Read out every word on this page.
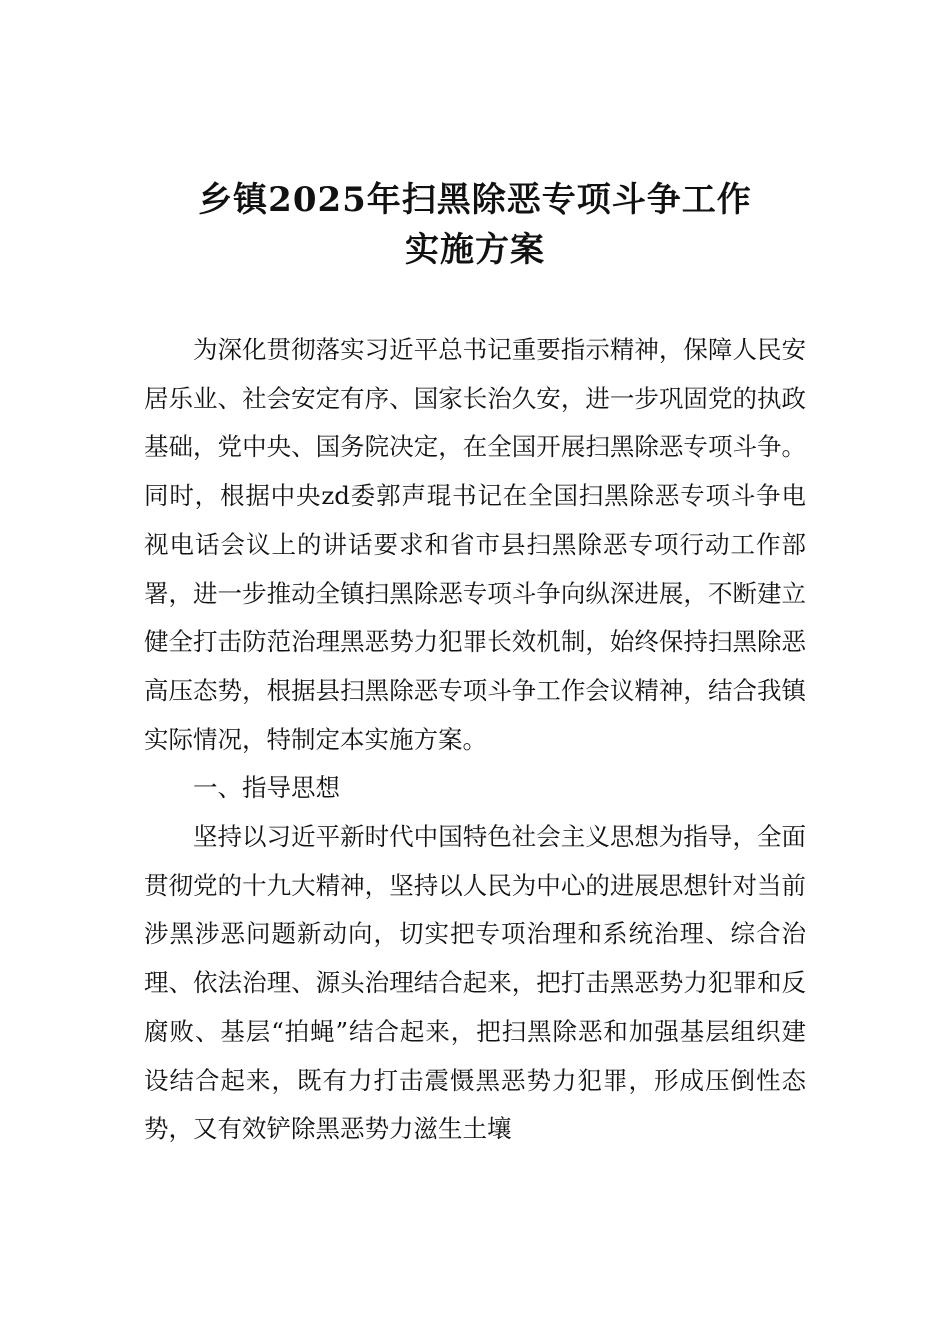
乡镇2025年扫黑除恶专项斗争工作
实施方案

为深化贯彻落实习近平总书记重要指示精神，保障人民安居乐业、社会安定有序、国家长治久安，进一步巩固党的执政基础，党中央、国务院决定，在全国开展扫黑除恶专项斗争。同时，根据中央zd委郭声琨书记在全国扫黑除恶专项斗争电视电话会议上的讲话要求和省市县扫黑除恶专项行动工作部署，进一步推动全镇扫黑除恶专项斗争向纵深进展，不断建立健全打击防范治理黑恶势力犯罪长效机制，始终保持扫黑除恶高压态势，根据县扫黑除恶专项斗争工作会议精神，结合我镇实际情况，特制定本实施方案。

一、指导思想

坚持以习近平新时代中国特色社会主义思想为指导，全面贯彻党的十九大精神，坚持以人民为中心的进展思想针对当前涉黑涉恶问题新动向，切实把专项治理和系统治理、综合治理、依法治理、源头治理结合起来，把打击黑恶势力犯罪和反腐败、基层“拍蝇”结合起来，把扫黑除恶和加强基层组织建设结合起来，既有力打击震慑黑恶势力犯罪，形成压倒性态势，又有效铲除黑恶势力滋生土壤
